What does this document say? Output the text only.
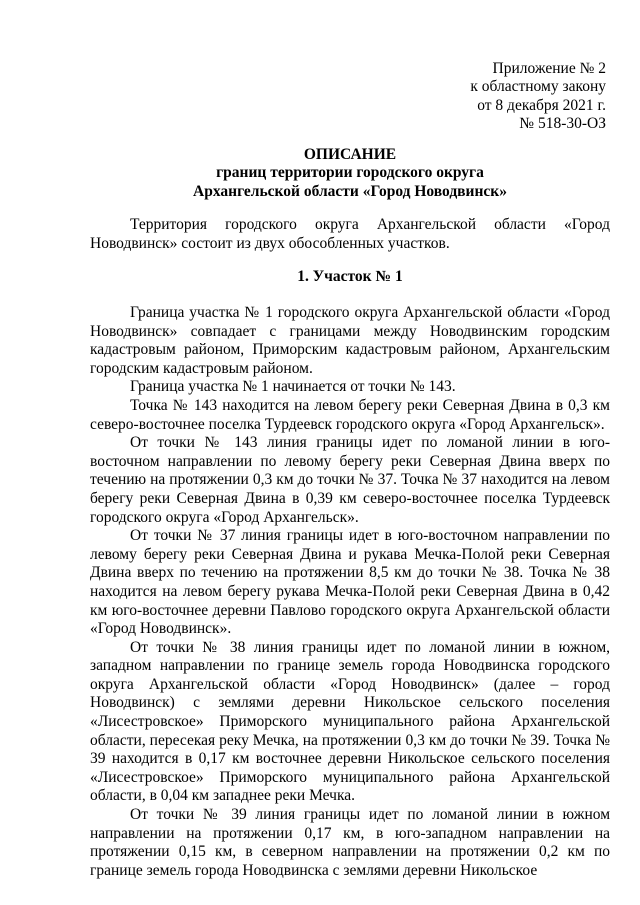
Приложение № 2
к областному закону
от 8 декабря 2021 г.
№ 518-30-ОЗ
ОПИСАНИЕ
границ территории городского округа
Архангельской области «Город Новодвинск»

Территория городского округа Архангельской области «Город Новодвинск» состоит из двух обособленных участков.

1. Участок № 1

Граница участка № 1 городского округа Архангельской области «Город Новодвинск» совпадает с границами между Новодвинским городским кадастровым районом, Приморским кадастровым районом, Архангельским городским кадастровым районом.

Граница участка № 1 начинается от точки № 143.

Точка № 143 находится на левом берегу реки Северная Двина в 0,3 км северо-восточнее поселка Турдеевск городского округа «Город Архангельск».

От точки № 143 линия границы идет по ломаной линии в юго-восточном направлении по левому берегу реки Северная Двина вверх по течению на протяжении 0,3 км до точки № 37. Точка № 37 находится на левом берегу реки Северная Двина в 0,39 км северо-восточнее поселка Турдеевск городского округа «Город Архангельск».

От точки № 37 линия границы идет в юго-восточном направлении по левому берегу реки Северная Двина и рукава Мечка-Полой реки Северная Двина вверх по течению на протяжении 8,5 км до точки № 38. Точка № 38 находится на левом берегу рукава Мечка-Полой реки Северная Двина в 0,42 км юго-восточнее деревни Павлово городского округа Архангельской области «Город Новодвинск».

От точки № 38 линия границы идет по ломаной линии в южном, западном направлении по границе земель города Новодвинска городского округа Архангельской области «Город Новодвинск» (далее – город Новодвинск) с землями деревни Никольское сельского поселения «Лисестровское» Приморского муниципального района Архангельской области, пересекая реку Мечка, на протяжении 0,3 км до точки № 39. Точка № 39 находится в 0,17 км восточнее деревни Никольское сельского поселения «Лисестровское» Приморского муниципального района Архангельской области, в 0,04 км западнее реки Мечка.

От точки № 39 линия границы идет по ломаной линии в южном направлении на протяжении 0,17 км, в юго-западном направлении на протяжении 0,15 км, в северном направлении на протяжении 0,2 км по границе земель города Новодвинска с землями деревни Никольское
